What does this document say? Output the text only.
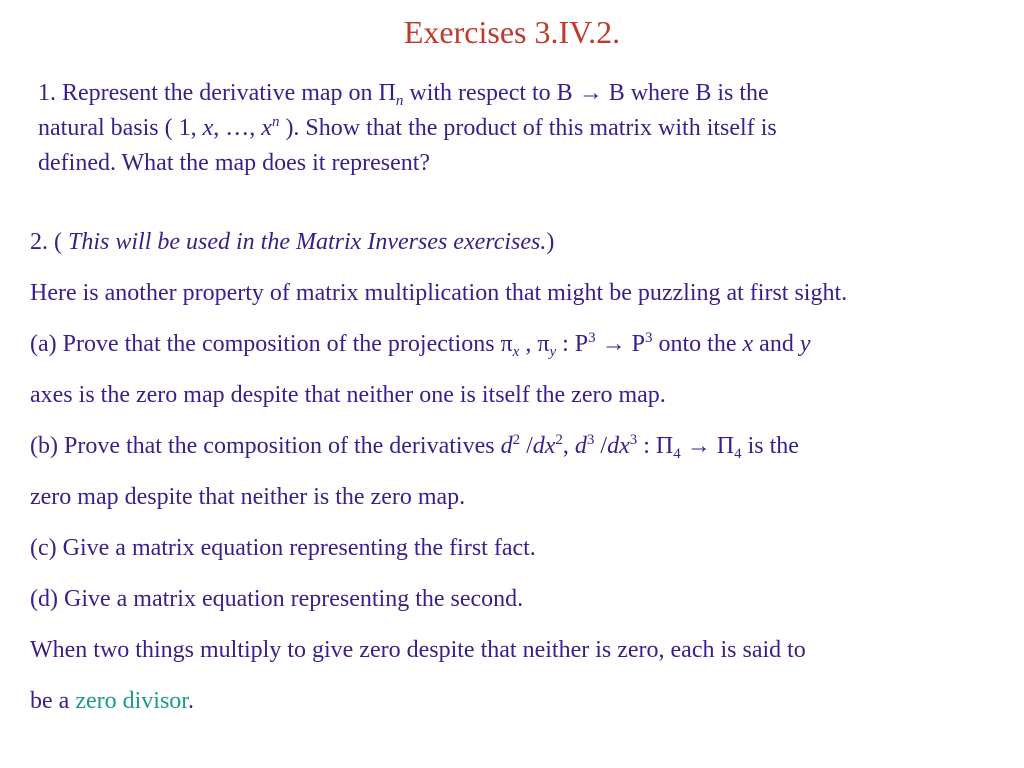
Exercises 3.IV.2.
1. Represent the derivative map on $\Pi_n$ with respect to B → B where B is the
natural basis ( 1, x, …, $x^n$ ). Show that the product of this matrix with itself is
defined. What the map does it represent?
2. ( This will be used in the Matrix Inverses exercises.)
Here is another property of matrix multiplication that might be puzzling at first sight.
(a) Prove that the composition of the projections $\pi_x$ , $\pi_y$ : $P^3 \to P^3$ onto the x and y
axes is the zero map despite that neither one is itself the zero map.
(b) Prove that the composition of the derivatives $d^2$ $/dx^2$, $d^3$ $/dx^3$ : $\Pi_4 \to \Pi_4$ is the
zero map despite that neither is the zero map.
(c) Give a matrix equation representing the first fact.
(d) Give a matrix equation representing the second.
When two things multiply to give zero despite that neither is zero, each is said to
be a zero divisor.
